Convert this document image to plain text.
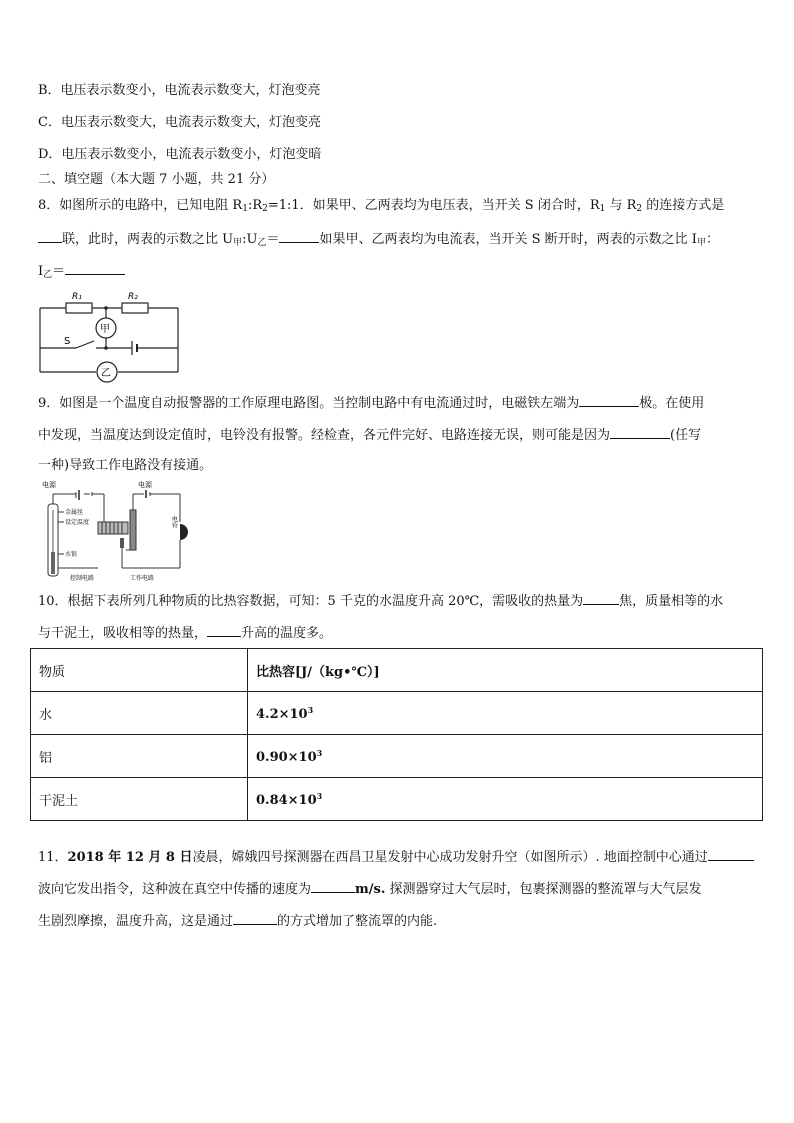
B．电压表示数变小，电流表示数变大，灯泡变亮
C．电压表示数变大，电流表示数变大，灯泡变亮
D．电压表示数变小，电流表示数变小，灯泡变暗
二、填空题（本大题 7 小题，共 21 分）
8．如图所示的电路中，已知电阻 $R_1:R_2=1:1$．如果甲、乙两表均为电压表，当开关 S 闭合时，$R_1$ 与 $R_2$ 的连接方式是
联，此时，两表的示数之比 $U_甲:U_乙=$	如果甲、乙两表均为电流表，当开关 S 断开时，两表的示数之比 $I_甲$：
$I_乙=$
R₁	R₂
甲
乙
S
9．如图是一个温度自动报警器的工作原理电路图。当控制电路中有电流通过时，电磁铁左端为	极。在使用
中发现，当温度达到设定值时，电铃没有报警。经检查，各元件完好、电路连接无误，则可能是因为	(任写
一种)导致工作电路没有接通。
电源	电源
金属丝
设定温度
水银
控制电路	工作电路
电铃
10．根据下表所列几种物质的比热容数据，可知：5 千克的水温度升高 20℃，需吸收的热量为	焦，质量相等的水
与干泥土，吸收相等的热量，	升高的温度多。
物质	比热容[J/（kg•℃）]
水	$4.2\times 10^3$
铝	$0.90\times 10^3$
干泥土	$0.84\times 10^3$
11．2018 年 12 月 8 日凌晨，嫦娥四号探测器在西昌卫星发射中心成功发射升空（如图所示）. 地面控制中心通过
波向它发出指令，这种波在真空中传播的速度为	m/s. 探测器穿过大气层时，包裹探测器的整流罩与大气层发
生剧烈摩擦，温度升高，这是通过	的方式增加了整流罩的内能.
